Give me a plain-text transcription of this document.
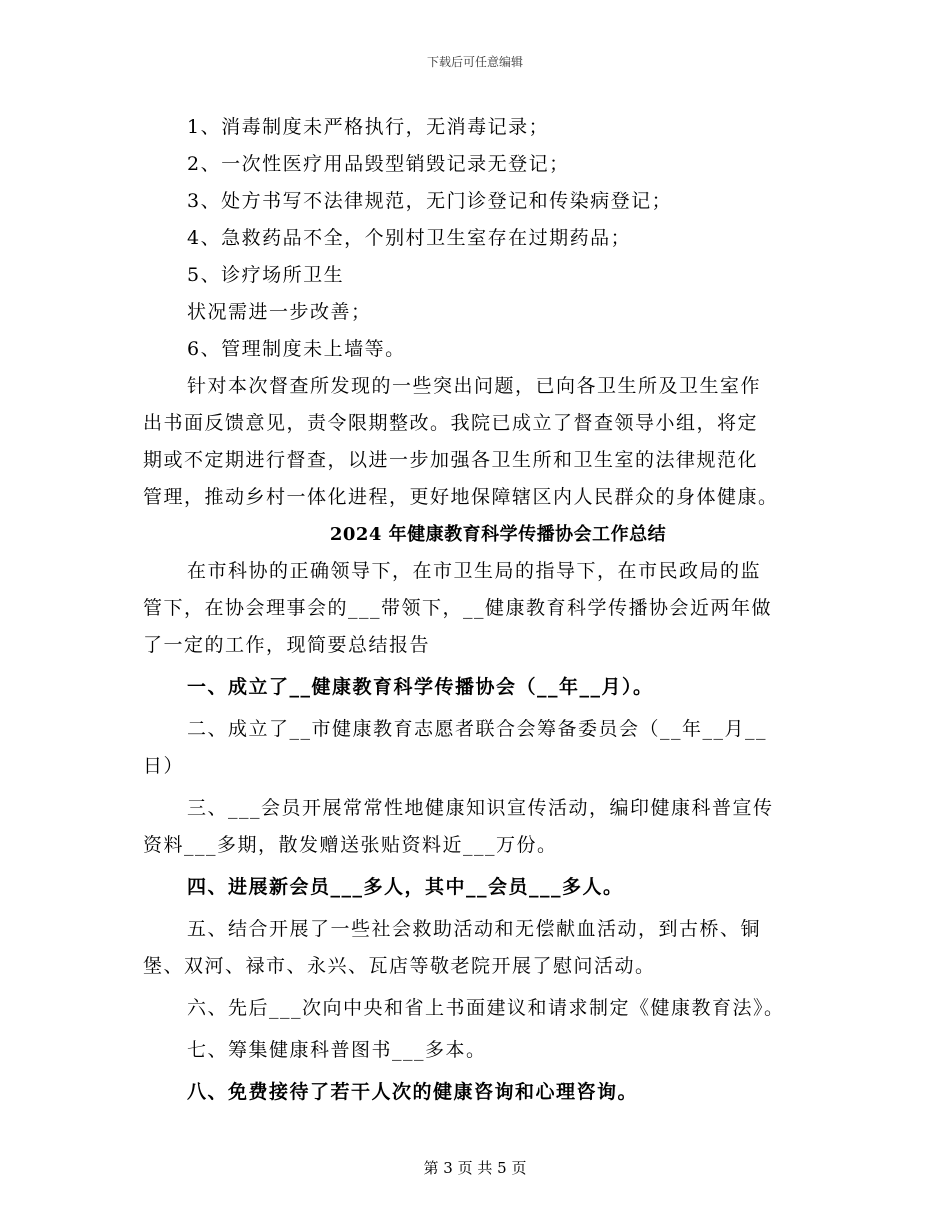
下载后可任意编辑
1、消毒制度未严格执行，无消毒记录；
2、一次性医疗用品毁型销毁记录无登记；
3、处方书写不法律规范，无门诊登记和传染病登记；
4、急救药品不全，个别村卫生室存在过期药品；
5、诊疗场所卫生
状况需进一步改善；
6、管理制度未上墙等。
针对本次督查所发现的一些突出问题，已向各卫生所及卫生室作
出书面反馈意见，责令限期整改。我院已成立了督查领导小组，将定
期或不定期进行督查，以进一步加强各卫生所和卫生室的法律规范化
管理，推动乡村一体化进程，更好地保障辖区内人民群众的身体健康。
2024 年健康教育科学传播协会工作总结
在市科协的正确领导下，在市卫生局的指导下，在市民政局的监
管下，在协会理事会的___带领下，__健康教育科学传播协会近两年做
了一定的工作，现简要总结报告
一、成立了__健康教育科学传播协会（__年__月）。
二、成立了__市健康教育志愿者联合会筹备委员会（__年__月__
日）
三、___会员开展常常性地健康知识宣传活动，编印健康科普宣传
资料___多期，散发赠送张贴资料近___万份。
四、进展新会员___多人，其中__会员___多人。
五、结合开展了一些社会救助活动和无偿献血活动，到古桥、铜
堡、双河、禄市、永兴、瓦店等敬老院开展了慰问活动。
六、先后___次向中央和省上书面建议和请求制定《健康教育法》。
七、筹集健康科普图书___多本。
八、免费接待了若干人次的健康咨询和心理咨询。
第 3 页 共 5 页
